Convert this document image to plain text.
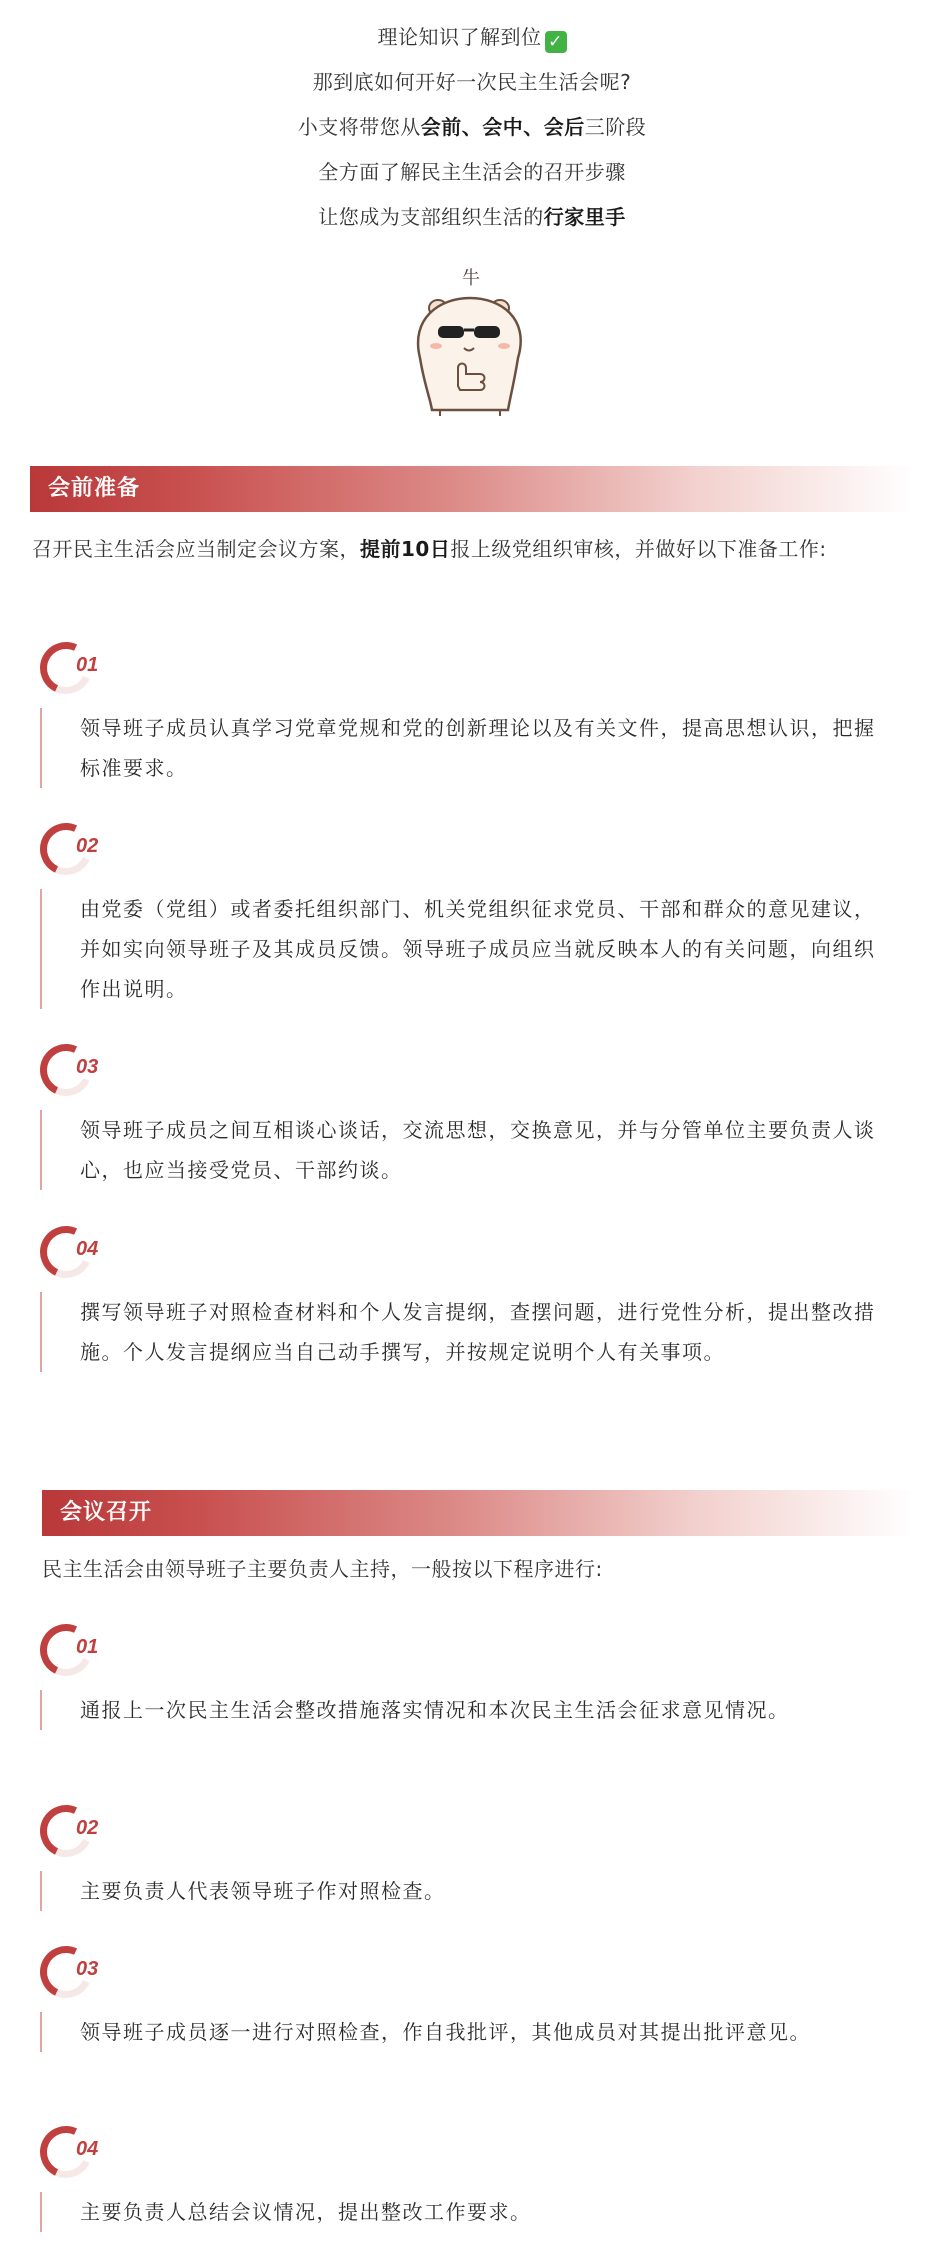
理论知识了解到位 ✓
那到底如何开好一次民主生活会呢?
小支将带您从会前、会中、会后三阶段
全方面了解民主生活会的召开步骤
让您成为支部组织生活的行家里手
牛
会前准备
召开民主生活会应当制定会议方案，提前10日报上级党组织审核，并做好以下准备工作:
01
领导班子成员认真学习党章党规和党的创新理论以及有关文件，提高思想认识，把握标准要求。
02
由党委（党组）或者委托组织部门、机关党组织征求党员、干部和群众的意见建议，并如实向领导班子及其成员反馈。领导班子成员应当就反映本人的有关问题，向组织作出说明。
03
领导班子成员之间互相谈心谈话，交流思想，交换意见，并与分管单位主要负责人谈心，也应当接受党员、干部约谈。
04
撰写领导班子对照检查材料和个人发言提纲，查摆问题，进行党性分析，提出整改措施。个人发言提纲应当自己动手撰写，并按规定说明个人有关事项。
会议召开
民主生活会由领导班子主要负责人主持，一般按以下程序进行:
01
通报上一次民主生活会整改措施落实情况和本次民主生活会征求意见情况。
02
主要负责人代表领导班子作对照检查。
03
领导班子成员逐一进行对照检查，作自我批评，其他成员对其提出批评意见。
04
主要负责人总结会议情况，提出整改工作要求。
